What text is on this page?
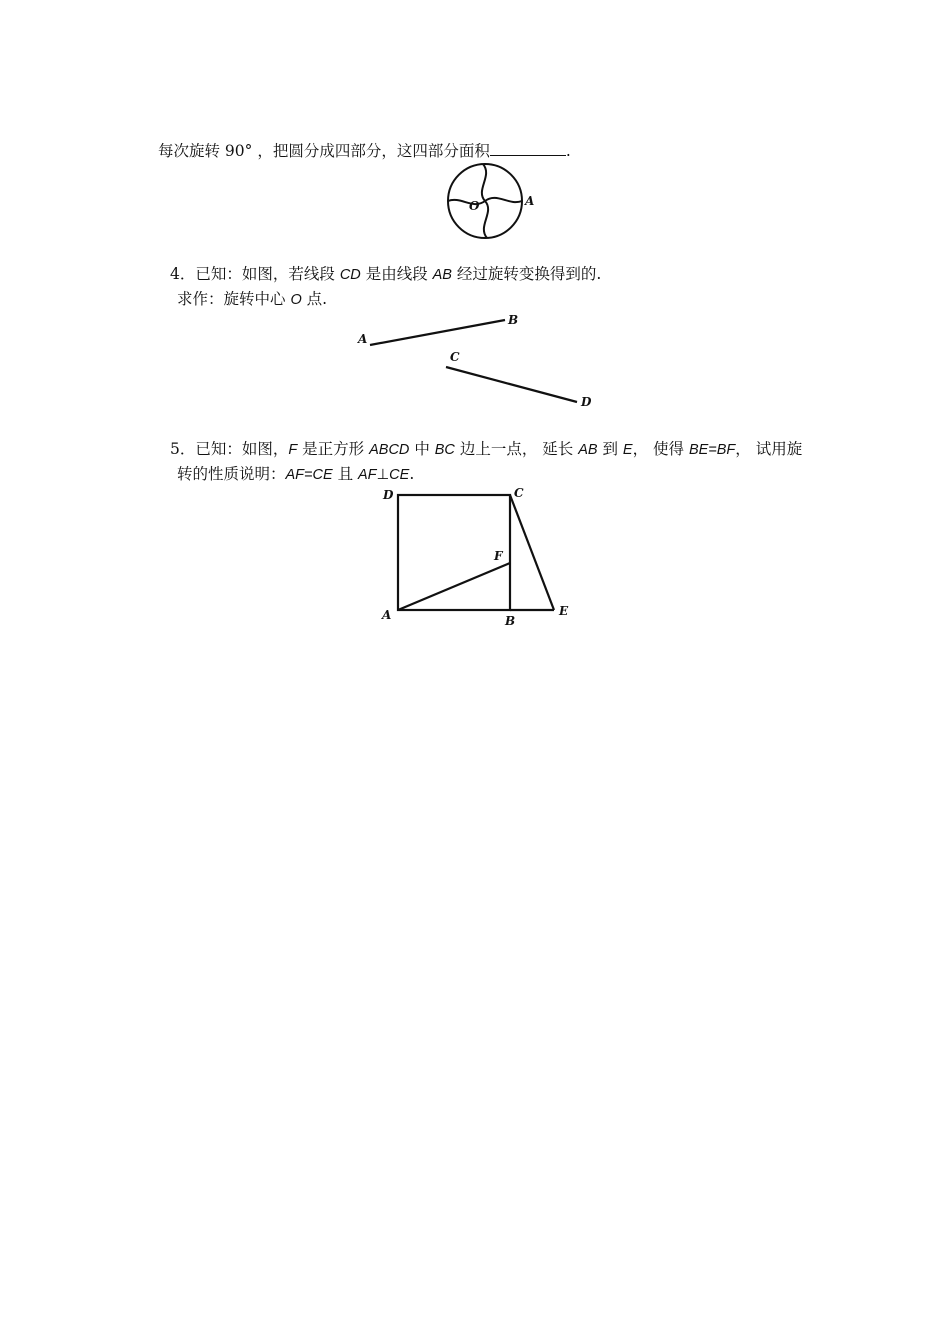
每次旋转 90° ，把圆分成四部分，这四部分面积	.
O	A
4．已知：如图，若线段 CD 是由线段 AB 经过旋转变换得到的.
求作：旋转中心 O 点.
A
B
C
D
5．已知：如图，F 是正方形 ABCD 中 BC 边上一点， 延长 AB 到 E， 使得 BE=BF， 试用旋
转的性质说明：AF=CE 且 AF⊥CE.
D	C
F
A	B
E
